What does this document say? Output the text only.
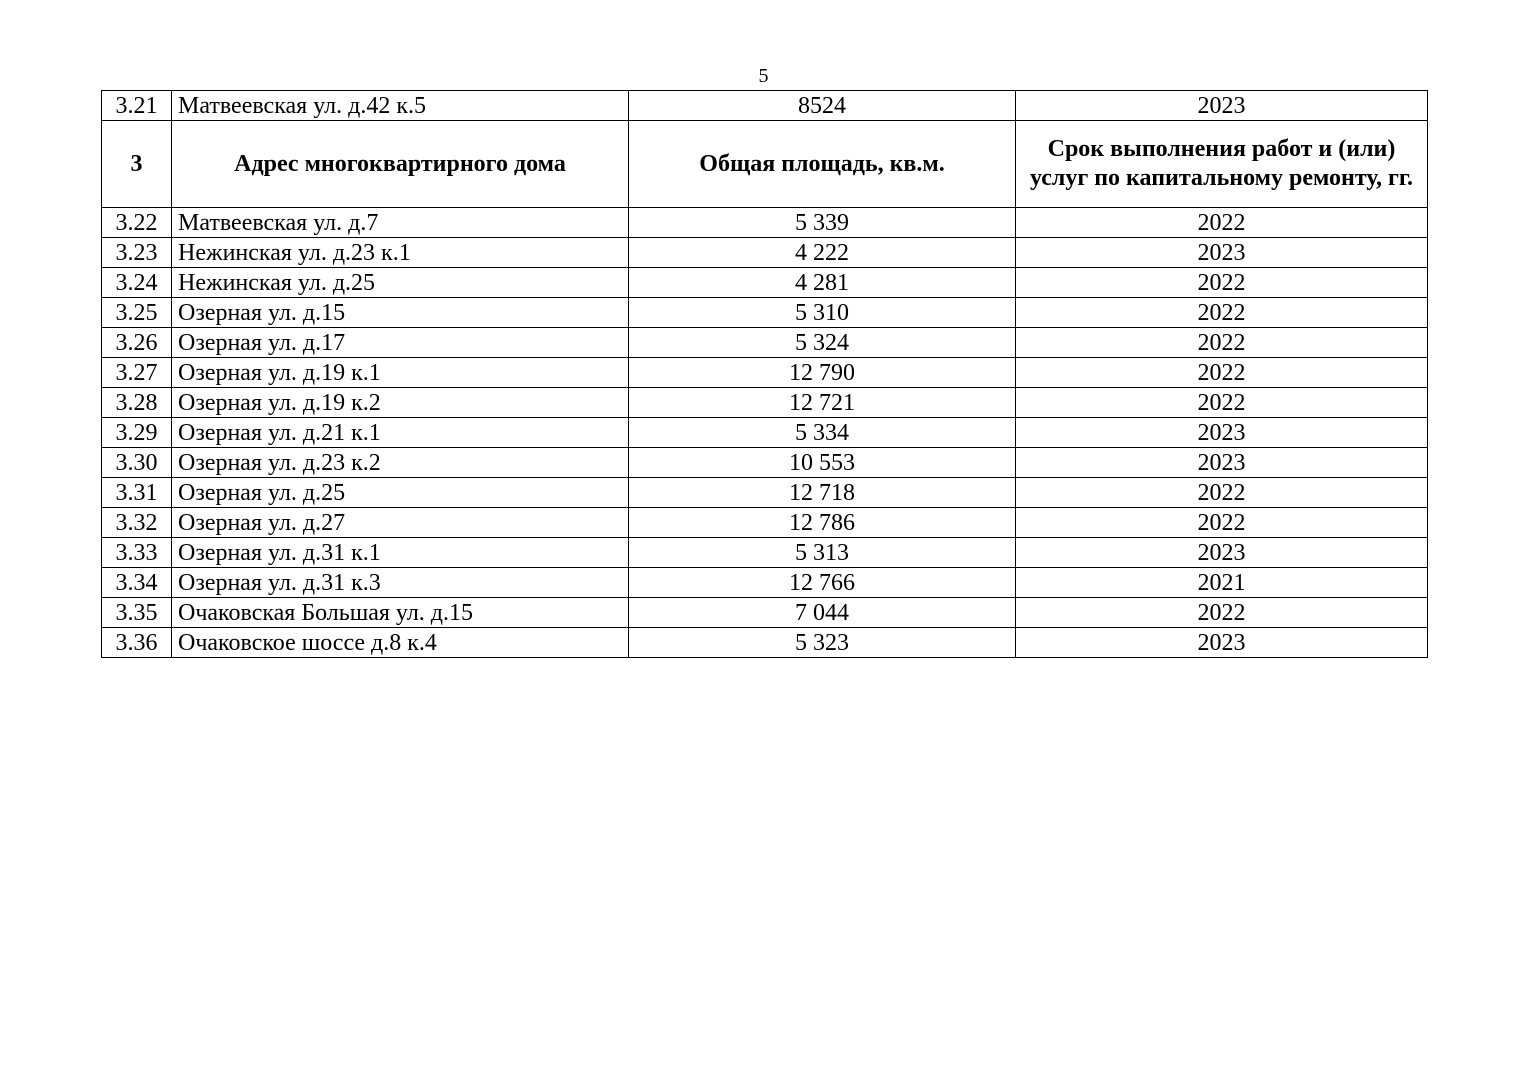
5
3.21	Матвеевская ул. д.42 к.5	8524	2023
3	Адрес многоквартирного дома	Общая площадь, кв.м.	Срок выполнения работ и (или) услуг по капитальному ремонту, гг.
3.22	Матвеевская ул. д.7	5 339	2022
3.23	Нежинская ул. д.23 к.1	4 222	2023
3.24	Нежинская ул. д.25	4 281	2022
3.25	Озерная ул. д.15	5 310	2022
3.26	Озерная ул. д.17	5 324	2022
3.27	Озерная ул. д.19 к.1	12 790	2022
3.28	Озерная ул. д.19 к.2	12 721	2022
3.29	Озерная ул. д.21 к.1	5 334	2023
3.30	Озерная ул. д.23 к.2	10 553	2023
3.31	Озерная ул. д.25	12 718	2022
3.32	Озерная ул. д.27	12 786	2022
3.33	Озерная ул. д.31 к.1	5 313	2023
3.34	Озерная ул. д.31 к.3	12 766	2021
3.35	Очаковская Большая ул. д.15	7 044	2022
3.36	Очаковское шоссе д.8 к.4	5 323	2023
